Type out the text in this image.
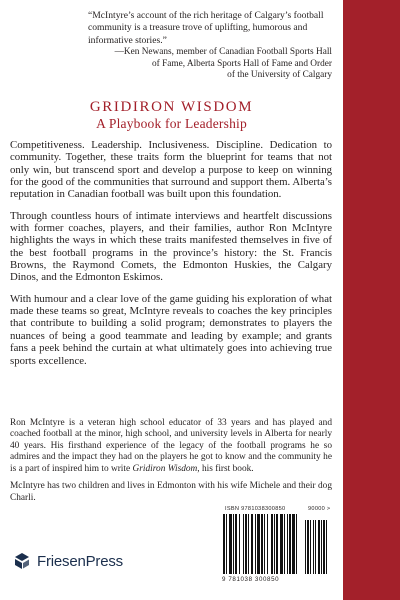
“McIntyre’s account of the rich heritage of Calgary’s football community is a treasure trove of uplifting, humorous and informative stories.”

—Ken Newans, member of Canadian Football Sports Hall
of Fame, Alberta Sports Hall of Fame and Order
of the University of Calgary
GRIDIRON WISDOM
A Playbook for Leadership

Competitiveness. Leadership. Inclusiveness. Discipline. Dedication to community. Together, these traits form the blueprint for teams that not only win, but transcend sport and develop a purpose to keep on winning for the good of the communities that surround and support them. Alberta’s reputation in Canadian football was built upon this foundation.

Through countless hours of intimate interviews and heartfelt discussions with former coaches, players, and their families, author Ron McIntyre highlights the ways in which these traits manifested themselves in five of the best football programs in the province’s history: the St. Francis Browns, the Raymond Comets, the Edmonton Huskies, the Calgary Dinos, and the Edmonton Eskimos.

With humour and a clear love of the game guiding his exploration of what made these teams so great, McIntyre reveals to coaches the key principles that contribute to building a solid program; demonstrates to players the nuances of being a good teammate and leading by example; and grants fans a peek behind the curtain at what ultimately goes into achieving true sports excellence.

Ron McIntyre is a veteran high school educator of 33 years and has played and coached football at the minor, high school, and university levels in Alberta for nearly 40 years. His firsthand experience of the legacy of the football programs he so admires and the impact they had on the players he got to know and the community he is a part of inspired him to write Gridiron Wisdom, his first book.

McIntyre has two children and lives in Edmonton with his wife Michele and their dog Charli.

FriesenPress
ISBN 978103830085​0	90000 >
9 781038 300850
